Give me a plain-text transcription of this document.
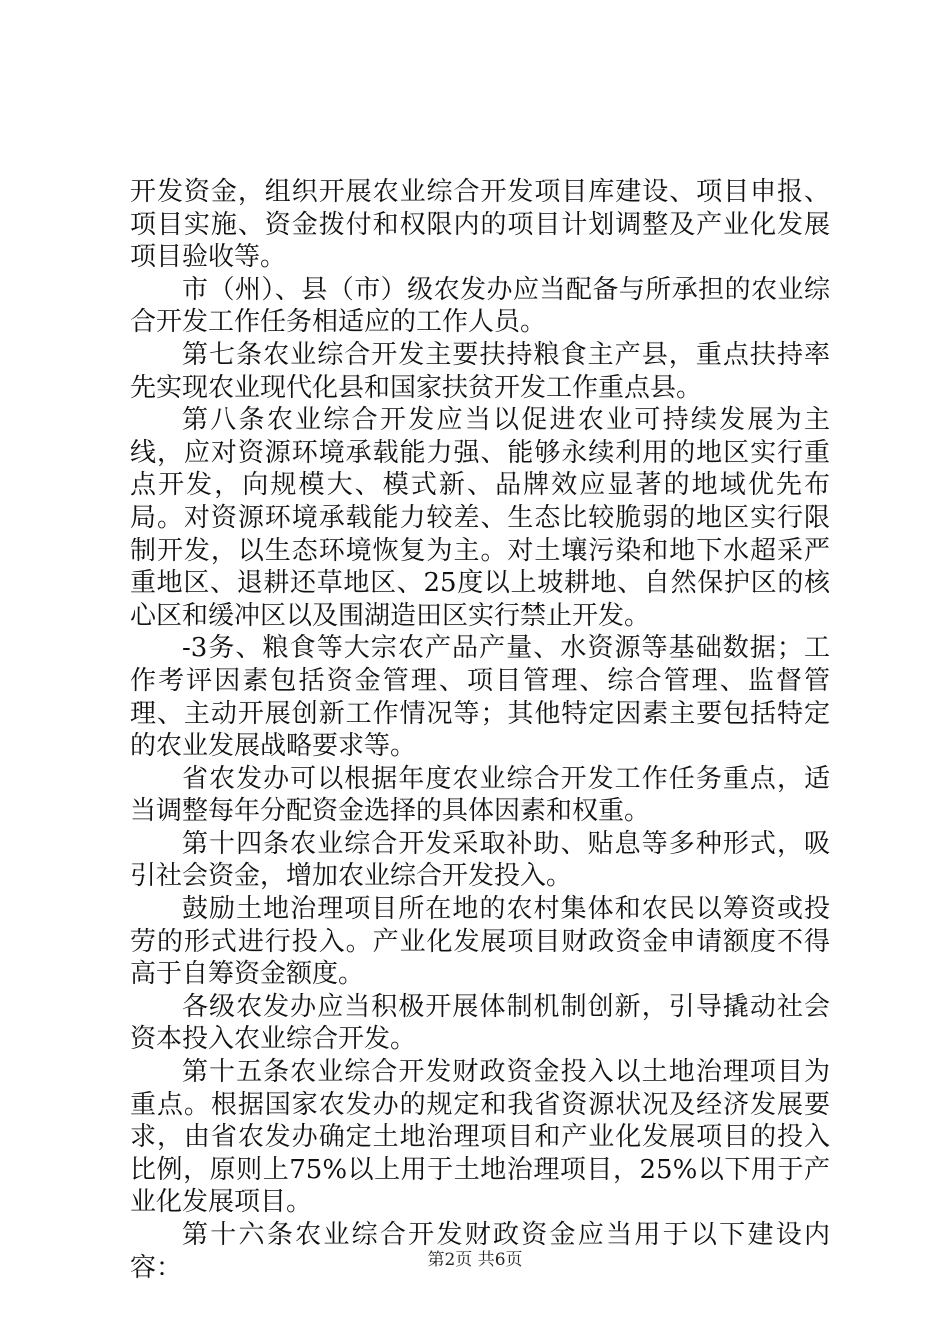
开发资金，组织开展农业综合开发项目库建设、项目申报、项目实施、资金拨付和权限内的项目计划调整及产业化发展项目验收等。

市（州）、县（市）级农发办应当配备与所承担的农业综合开发工作任务相适应的工作人员。

第七条农业综合开发主要扶持粮食主产县，重点扶持率先实现农业现代化县和国家扶贫开发工作重点县。

第八条农业综合开发应当以促进农业可持续发展为主线，应对资源环境承载能力强、能够永续利用的地区实行重点开发，向规模大、模式新、品牌效应显著的地域优先布局。对资源环境承载能力较差、生态比较脆弱的地区实行限制开发，以生态环境恢复为主。对土壤污染和地下水超采严重地区、退耕还草地区、25度以上坡耕地、自然保护区的核心区和缓冲区以及围湖造田区实行禁止开发。

-3务、粮食等大宗农产品产量、水资源等基础数据；工作考评因素包括资金管理、项目管理、综合管理、监督管理、主动开展创新工作情况等；其他特定因素主要包括特定的农业发展战略要求等。

省农发办可以根据年度农业综合开发工作任务重点，适当调整每年分配资金选择的具体因素和权重。

第十四条农业综合开发采取补助、贴息等多种形式，吸引社会资金，增加农业综合开发投入。

鼓励土地治理项目所在地的农村集体和农民以筹资或投劳的形式进行投入。产业化发展项目财政资金申请额度不得高于自筹资金额度。

各级农发办应当积极开展体制机制创新，引导撬动社会资本投入农业综合开发。

第十五条农业综合开发财政资金投入以土地治理项目为重点。根据国家农发办的规定和我省资源状况及经济发展要求，由省农发办确定土地治理项目和产业化发展项目的投入比例，原则上75%以上用于土地治理项目，25%以下用于产业化发展项目。

第十六条农业综合开发财政资金应当用于以下建设内容：	第2页 共6页
